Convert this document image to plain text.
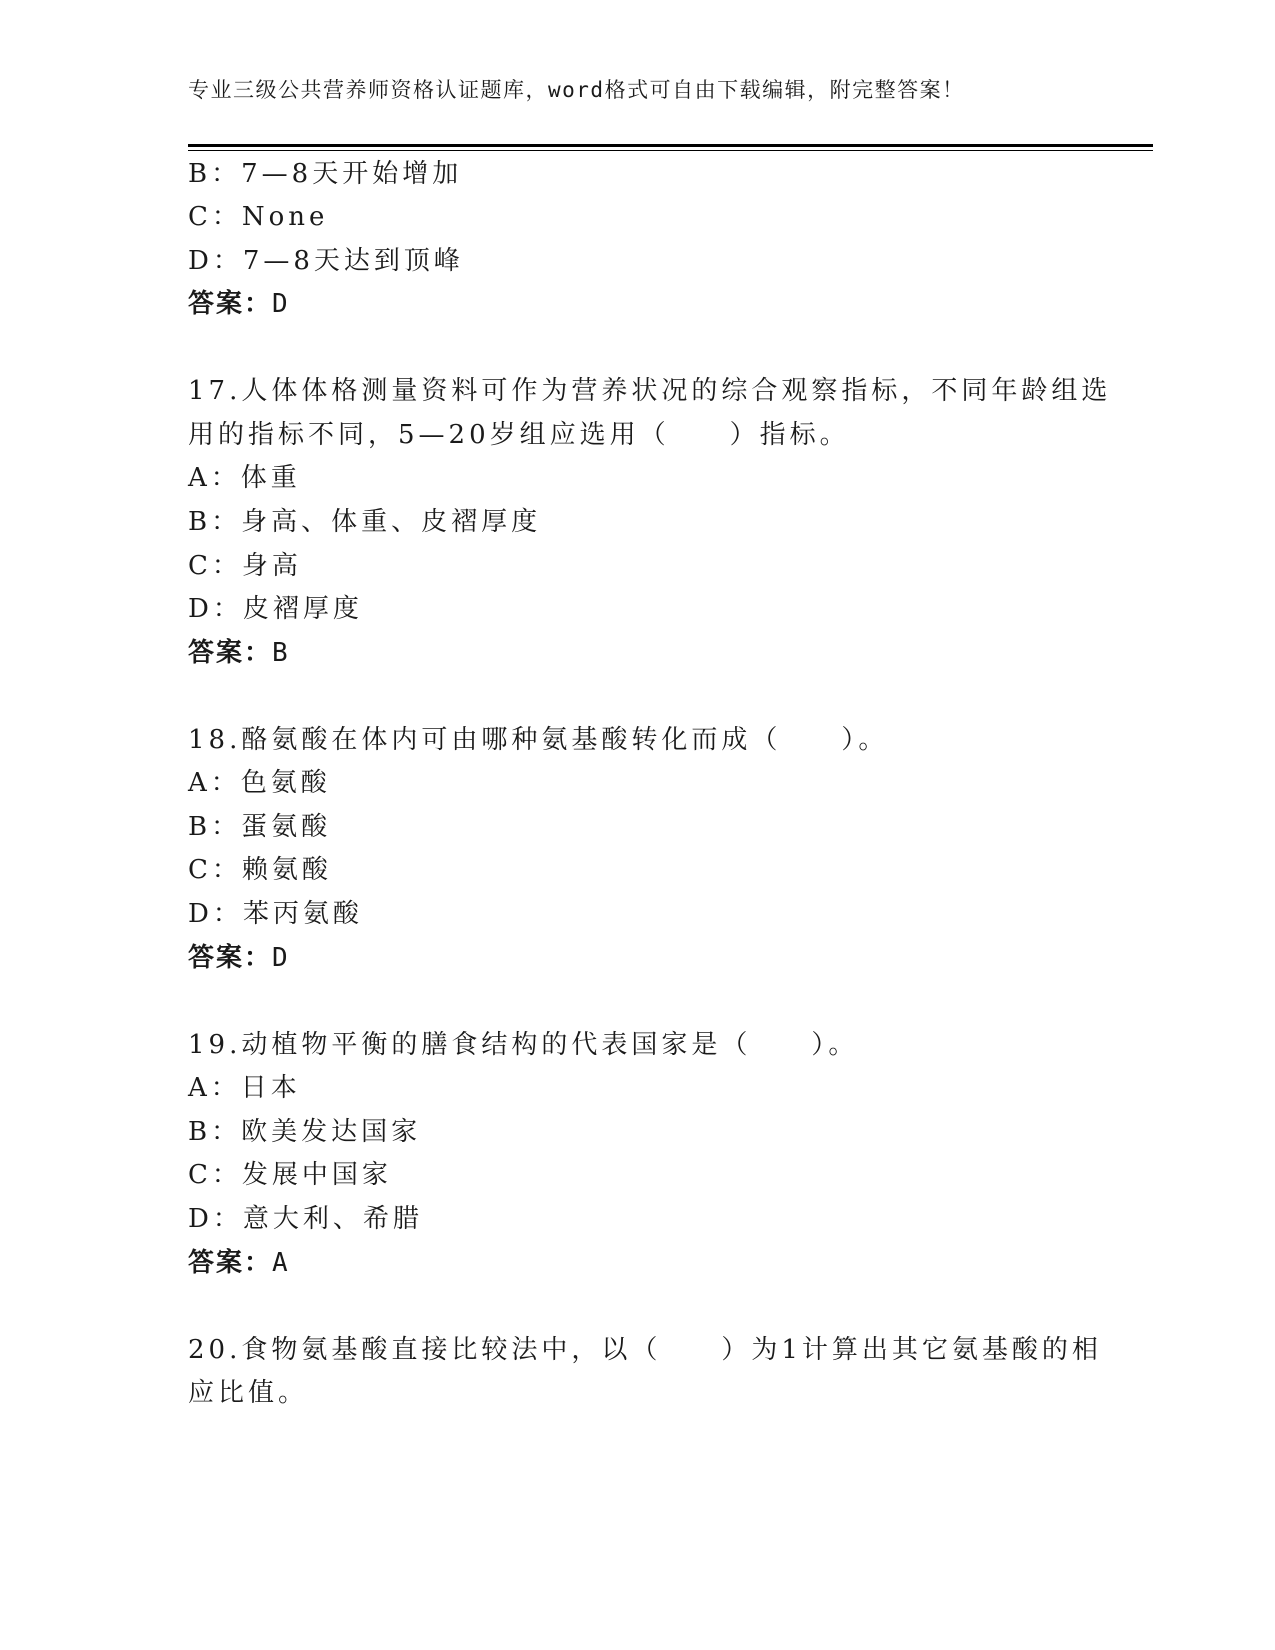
专业三级公共营养师资格认证题库，word格式可自由下载编辑，附完整答案！
B：7—8天开始增加
C：None
D：7—8天达到顶峰
答案：D
17.人体体格测量资料可作为营养状况的综合观察指标，不同年龄组选
用的指标不同，5—20岁组应选用（　　）指标。
A：体重
B：身高、体重、皮褶厚度
C：身高
D：皮褶厚度
答案：B
18.酪氨酸在体内可由哪种氨基酸转化而成（　　）。
A：色氨酸
B：蛋氨酸
C：赖氨酸
D：苯丙氨酸
答案：D
19.动植物平衡的膳食结构的代表国家是（　　）。
A：日本
B：欧美发达国家
C：发展中国家
D：意大利、希腊
答案：A
20.食物氨基酸直接比较法中，以（　　）为1计算出其它氨基酸的相
应比值。
